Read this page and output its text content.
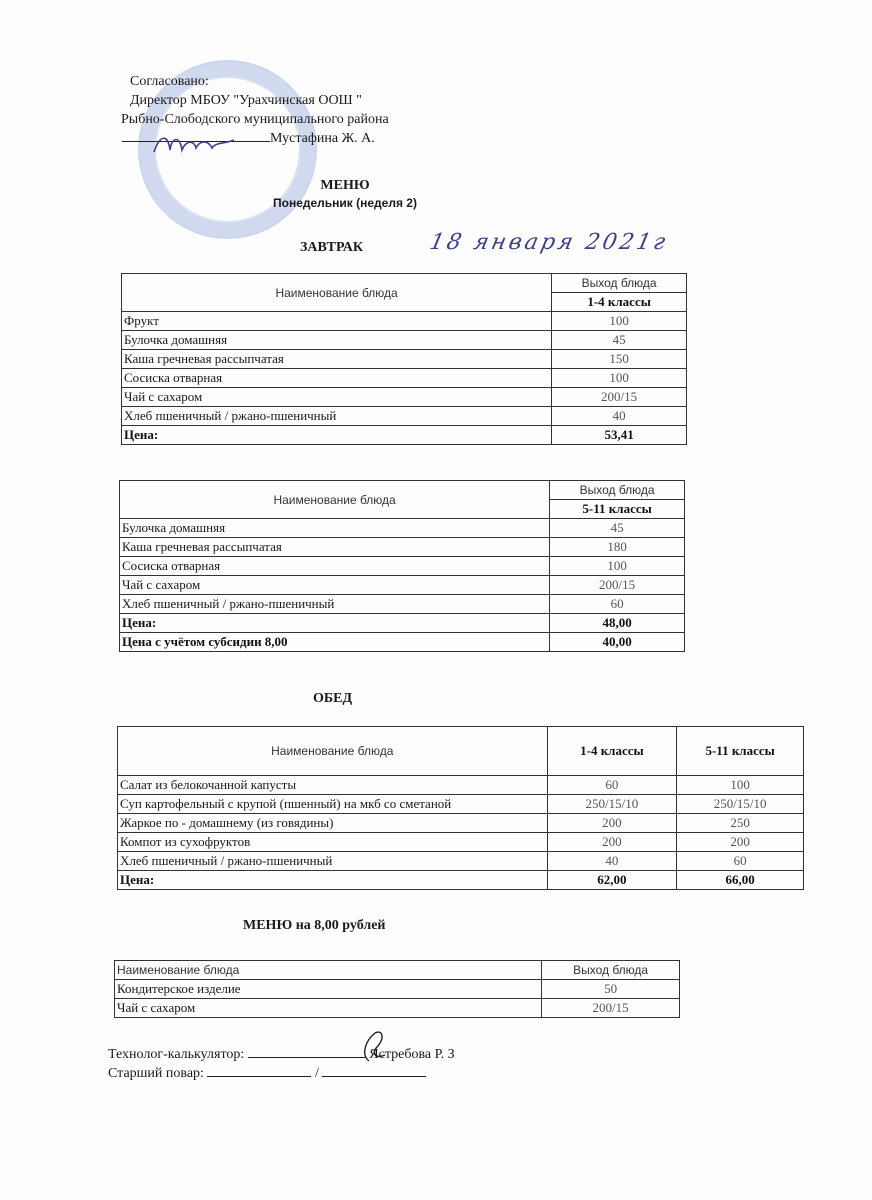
Согласовано:
Директор МБОУ "Урахчинская ООШ "
Рыбно-Слободского муниципального района
Мустафина Ж. А.
МЕНЮ
Понедельник (неделя 2)
ЗАВТРАК	18 января 2021г
Наименование блюда	Выход блюда
	1-4 классы
Фрукт	100
Булочка домашняя	45
Каша гречневая рассыпчатая	150
Сосиска отварная	100
Чай с сахаром	200/15
Хлеб пшеничный / ржано-пшеничный	40
Цена:	53,41
Наименование блюда	Выход блюда
	5-11 классы
Булочка домашняя	45
Каша гречневая рассыпчатая	180
Сосиска отварная	100
Чай с сахаром	200/15
Хлеб пшеничный / ржано-пшеничный	60
Цена:	48,00
Цена с учётом субсидии 8,00	40,00
ОБЕД
Наименование блюда	1-4 классы	5-11 классы
Салат из белокочанной капусты	60	100
Суп картофельный с крупой (пшенный) на мкб со сметаной	250/15/10	250/15/10
Жаркое по - домашнему (из говядины)	200	250
Компот из сухофруктов	200	200
Хлеб пшеничный / ржано-пшеничный	40	60
Цена:	62,00	66,00
МЕНЮ на 8,00 рублей
Наименование блюда	Выход блюда
Кондитерское изделие	50
Чай с сахаром	200/15
Технолог-калькулятор:	Ястребова Р. З
Старший повар:	/
